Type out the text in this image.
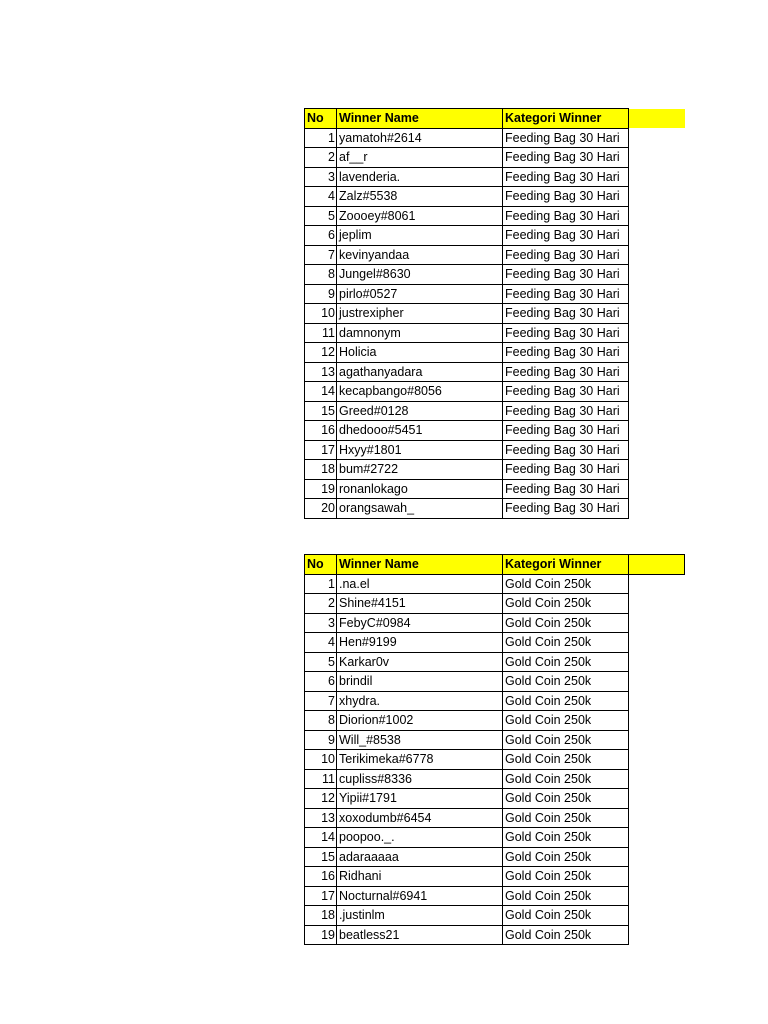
No	Winner Name	Kategori Winner	
1	yamatoh#2614	Feeding Bag 30 Hari	
2	af__r	Feeding Bag 30 Hari	
3	lavenderia.	Feeding Bag 30 Hari	
4	Zalz#5538	Feeding Bag 30 Hari	
5	Zoooey#8061	Feeding Bag 30 Hari	
6	jeplim	Feeding Bag 30 Hari	
7	kevinyandaa	Feeding Bag 30 Hari	
8	Jungel#8630	Feeding Bag 30 Hari	
9	pirlo#0527	Feeding Bag 30 Hari	
10	justrexipher	Feeding Bag 30 Hari	
11	damnonym	Feeding Bag 30 Hari	
12	Holicia	Feeding Bag 30 Hari	
13	agathanyadara	Feeding Bag 30 Hari	
14	kecapbango#8056	Feeding Bag 30 Hari	
15	Greed#0128	Feeding Bag 30 Hari	
16	dhedooo#5451	Feeding Bag 30 Hari	
17	Hxyy#1801	Feeding Bag 30 Hari	
18	bum#2722	Feeding Bag 30 Hari	
19	ronanlokago	Feeding Bag 30 Hari	
20	orangsawah_	Feeding Bag 30 Hari	
No	Winner Name	Kategori Winner	
1	.na.el	Gold Coin 250k	
2	Shine#4151	Gold Coin 250k	
3	FebyC#0984	Gold Coin 250k	
4	Hen#9199	Gold Coin 250k	
5	Karkar0v	Gold Coin 250k	
6	brindil	Gold Coin 250k	
7	xhydra.	Gold Coin 250k	
8	Diorion#1002	Gold Coin 250k	
9	Will_#8538	Gold Coin 250k	
10	Terikimeka#6778	Gold Coin 250k	
11	cupliss#8336	Gold Coin 250k	
12	Yipii#1791	Gold Coin 250k	
13	xoxodumb#6454	Gold Coin 250k	
14	poopoo._.	Gold Coin 250k	
15	adaraaaaa	Gold Coin 250k	
16	Ridhani	Gold Coin 250k	
17	Nocturnal#6941	Gold Coin 250k	
18	.justinlm	Gold Coin 250k	
19	beatless21	Gold Coin 250k	
